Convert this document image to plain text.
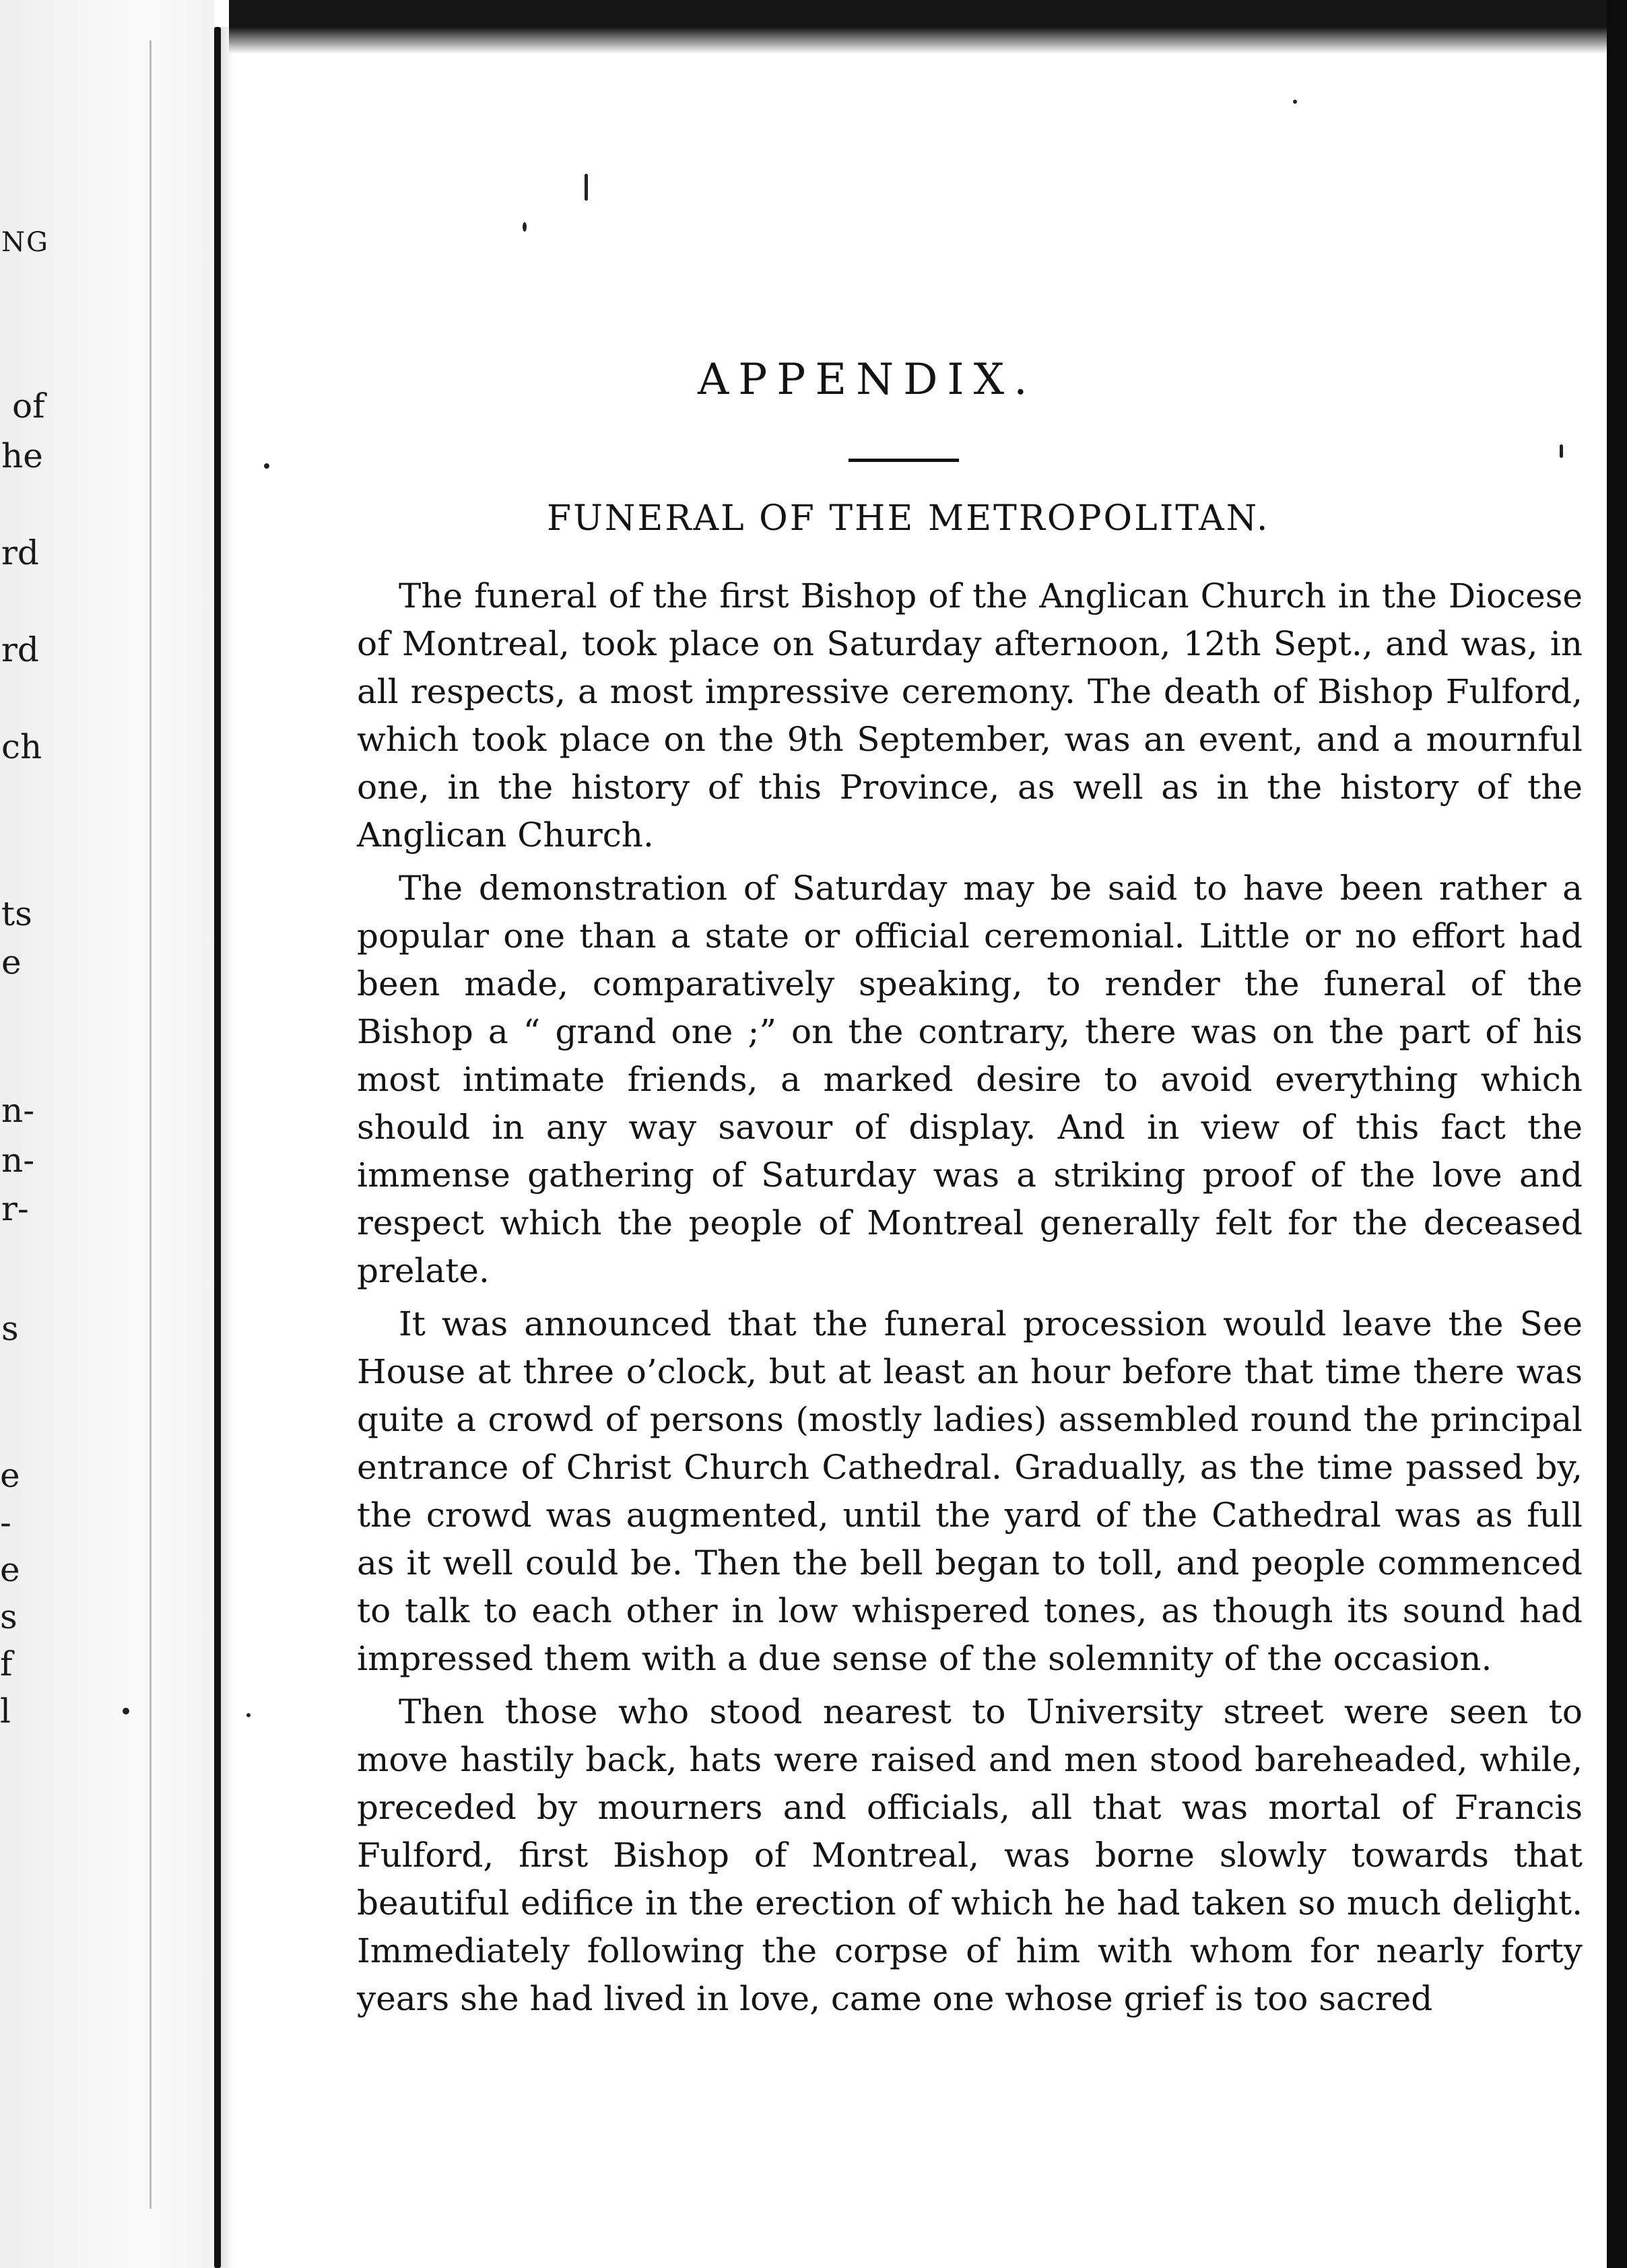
NG
of
he
rd
rd
ch
ts
e
n-
n-
r-
s
e
-
e
s
f
l
APPENDIX.
FUNERAL OF THE METROPOLITAN.

The funeral of the first Bishop of the Anglican Church in the Diocese of Montreal, took place on Saturday afternoon, 12th Sept., and was, in all respects, a most impressive ceremony. The death of Bishop Fulford, which took place on the 9th September, was an event, and a mournful one, in the history of this Province, as well as in the history of the Anglican Church.

The demonstration of Saturday may be said to have been rather a popular one than a state or official ceremonial. Little or no effort had been made, comparatively speaking, to render the funeral of the Bishop a “ grand one ;” on the contrary, there was on the part of his most intimate friends, a marked desire to avoid everything which should in any way savour of display. And in view of this fact the immense gathering of Saturday was a striking proof of the love and respect which the people of Montreal generally felt for the deceased prelate.

It was announced that the funeral procession would leave the See House at three o’clock, but at least an hour before that time there was quite a crowd of persons (mostly ladies) assembled round the principal entrance of Christ Church Cathedral. Gradually, as the time passed by, the crowd was augmented, until the yard of the Cathedral was as full as it well could be. Then the bell began to toll, and people commenced to talk to each other in low whispered tones, as though its sound had impressed them with a due sense of the solemnity of the occasion.

Then those who stood nearest to University street were seen to move hastily back, hats were raised and men stood bareheaded, while, preceded by mourners and officials, all that was mortal of Francis Fulford, first Bishop of Montreal, was borne slowly towards that beautiful edifice in the erection of which he had taken so much delight. Immediately following the corpse of him with whom for nearly forty years she had lived in love, came one whose grief is too sacred
